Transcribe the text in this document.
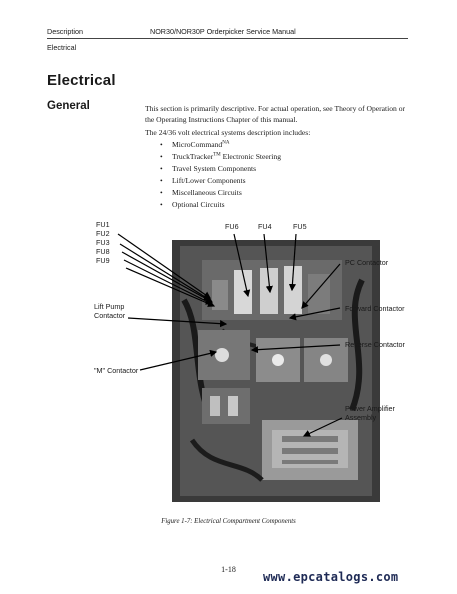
Description	NOR30/NOR30P Orderpicker Service Manual
Electrical
Electrical
General	This section is primarily descriptive. For actual operation, see Theory of Operation or the Operating Instructions Chapter of this manual.
The 24/36 volt electrical systems description includes:
• MicroCommand$^{NA}$
• TruckTracker™ Electronic Steering
• Travel System Components
• Lift/Lower Components
• Miscellaneous Circuits
• Optional Circuits
FU1
FU2
FU3
FU8
FU9
FU6	FU4	FU5
PC Contactor
Lift Pump
Contactor
Forward Contactor
Reverse Contactor
"M" Contactor
Power Amplifier
Assembly
Figure 1-7: Electrical Compartment Components
1-18
www.epcatalogs.com
